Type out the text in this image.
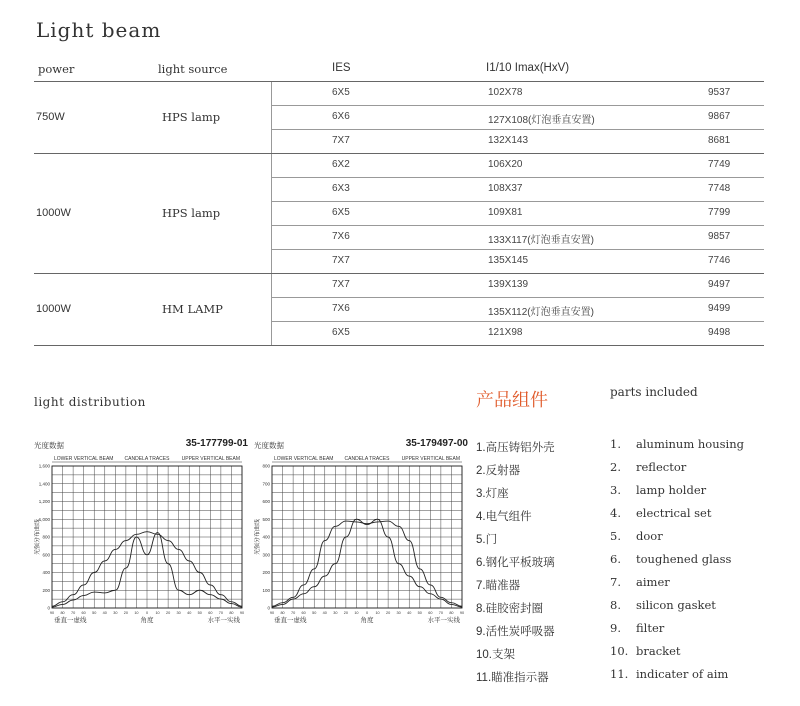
Light beam
power	light source	IES	I1/10 Imax(HxV)
750W	HPS lamp
6X5	102X78	9537
6X6	127X108(灯泡垂直安置)	9867
7X7	132X143	8681
1000W	HPS lamp
6X2	106X20	7749
6X3	108X37	7748
6X5	109X81	7799
7X6	133X117(灯泡垂直安置)	9857
7X7	135X145	7746
1000W	HM LAMP
7X7	139X139	9497
7X6	135X112(灯泡垂直安置)	9499
6X5	121X98	9498
light distribution
光度数据	35-177799-01
LOWER VERTICAL BEAM CANDELA TRACES UPPER VERTICAL BEAM
1,600
1,400
1,200
1,000
800
600
400
200
0
光强分布曲线
90 80 70 60 50 40 30 20 10 0 10 20 30 40 50 60 70 80 90
垂直一虚线	角度	水平一实线
光度数据	35-179497-00
LOWER VERTICAL BEAM CANDELA TRACES UPPER VERTICAL BEAM
800
700
600
500
400
300
200
100
0
光强分布曲线
90 80 70 60 50 40 30 20 10 0 10 20 30 40 50 60 70 80 90
垂直一虚线	角度	水平一实线
产品组件	parts included
1.高压铸铝外壳
2.反射器
3.灯座
4.电气组件
5.门
6.钢化平板玻璃
7.瞄准器
8.硅胶密封圈
9.活性炭呼吸器
10.支架
11.瞄准指示器
1. aluminum housing
2. reflector
3. lamp holder
4. electrical set
5. door
6. toughened glass
7. aimer
8. silicon gasket
9. filter
10. bracket
11. indicater of aim
